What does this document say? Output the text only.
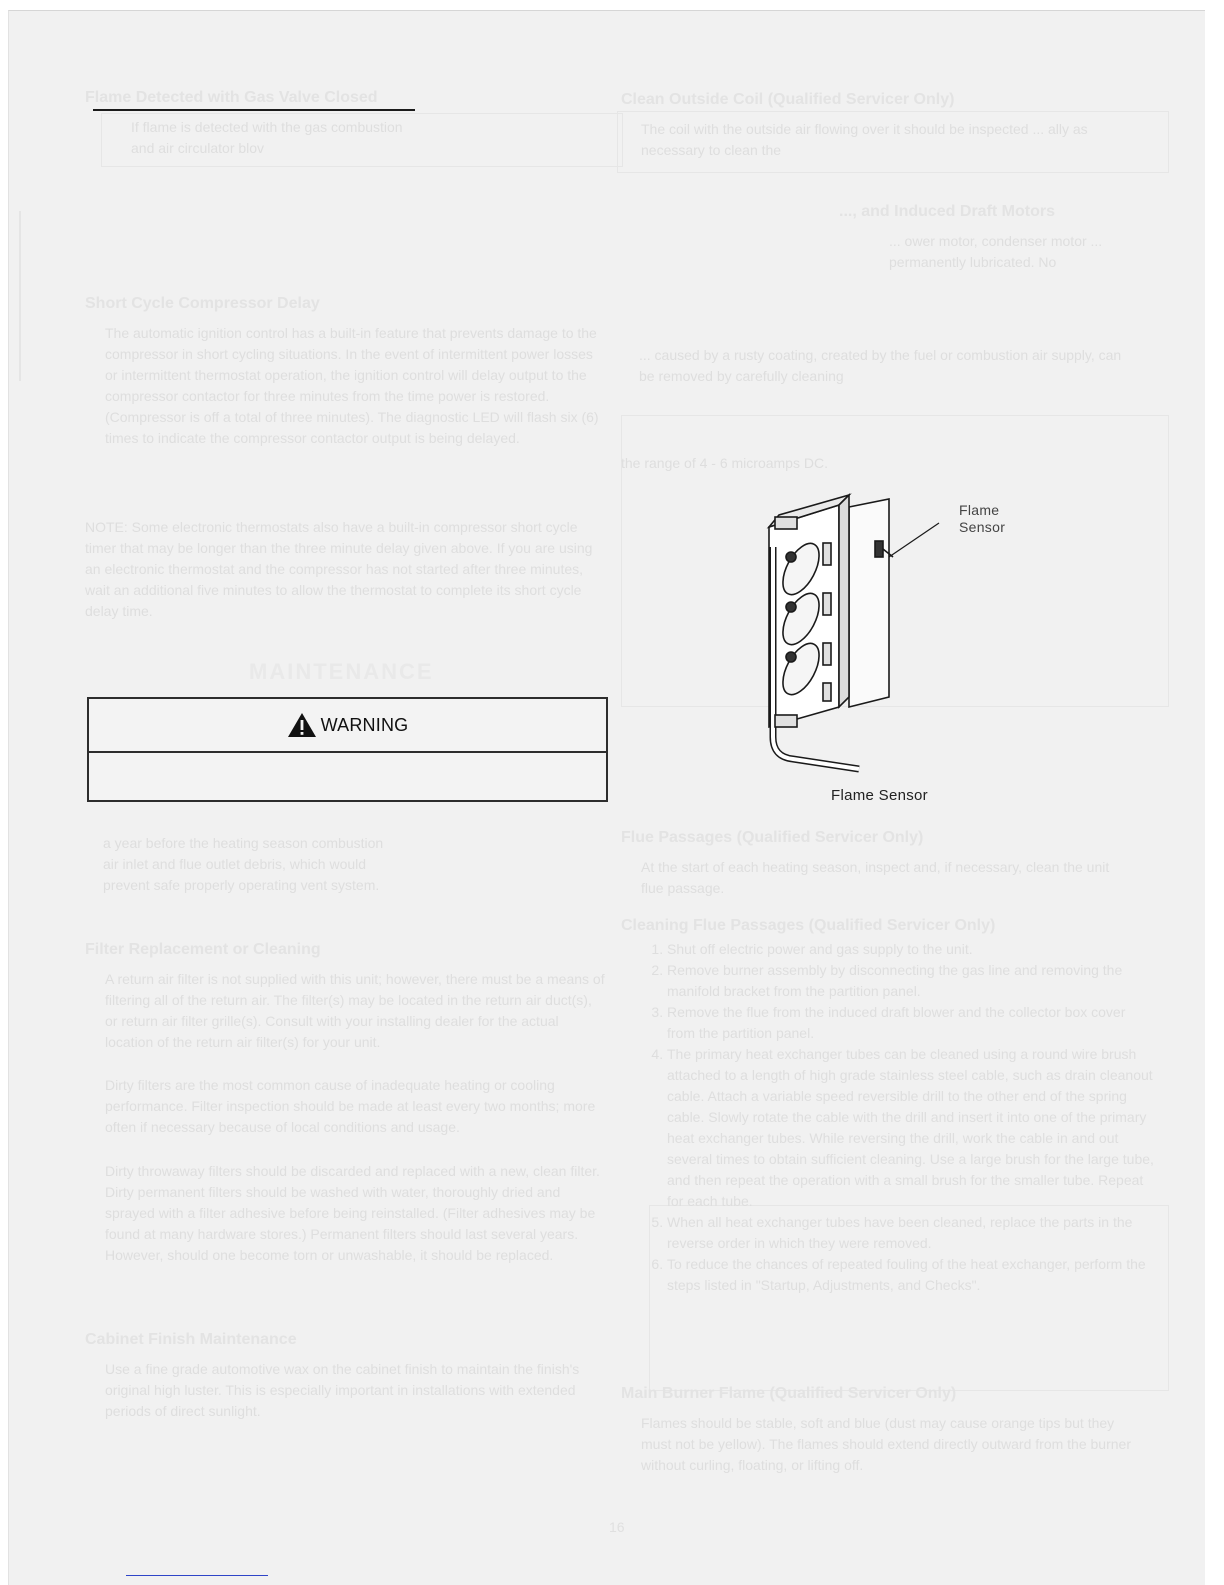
Flame Detected with Gas Valve Closed
If flame is detected with the gas combustion and air circulator blov
Short Cycle Compressor Delay
The automatic ignition control has a built-in feature that prevents damage to the compressor in short cycling situations. In the event of intermittent power losses or intermittent thermostat operation, the ignition control will delay output to the compressor contactor for three minutes from the time power is restored. (Compressor is off a total of three minutes). The diagnostic LED will flash six (6) times to indicate the compressor contactor output is being delayed.
NOTE: Some electronic thermostats also have a built-in compressor short cycle timer that may be longer than the three minute delay given above. If you are using an electronic thermostat and the compressor has not started after three minutes, wait an additional five minutes to allow the thermostat to complete its short cycle delay time.
MAINTENANCE
WARNING
a year before the heating season combustion air inlet and flue outlet debris, which would prevent safe properly operating vent system.
Filter Replacement or Cleaning
A return air filter is not supplied with this unit; however, there must be a means of filtering all of the return air. The filter(s) may be located in the return air duct(s), or return air filter grille(s). Consult with your installing dealer for the actual location of the return air filter(s) for your unit.
Dirty filters are the most common cause of inadequate heating or cooling performance. Filter inspection should be made at least every two months; more often if necessary because of local conditions and usage.
Dirty throwaway filters should be discarded and replaced with a new, clean filter. Dirty permanent filters should be washed with water, thoroughly dried and sprayed with a filter adhesive before being reinstalled. (Filter adhesives may be found at many hardware stores.) Permanent filters should last several years. However, should one become torn or unwashable, it should be replaced.
Cabinet Finish Maintenance
Use a fine grade automotive wax on the cabinet finish to maintain the finish's original high luster. This is especially important in installations with extended periods of direct sunlight.
Clean Outside Coil (Qualified Servicer Only)
The coil with the outside air flowing over it should be inspected ... ally as necessary to clean the
..., and Induced Draft Motors
... ower motor, condenser motor ... permanently lubricated. No
... caused by a rusty coating, created by the fuel or combustion air supply, can be removed by carefully cleaning
the range of 4 - 6 microamps DC.
Flame Sensor
Flame Sensor
Flue Passages (Qualified Servicer Only)
At the start of each heating season, inspect and, if necessary, clean the unit flue passage.
Cleaning Flue Passages (Qualified Servicer Only)
1. Shut off electric power and gas supply to the unit.
2. Remove burner assembly by disconnecting the gas line and removing the manifold bracket from the partition panel.
3. Remove the flue from the induced draft blower and the collector box cover from the partition panel.
4. The primary heat exchanger tubes can be cleaned using a round wire brush attached to a length of high grade stainless steel cable, such as drain cleanout cable. Attach a variable speed reversible drill to the other end of the spring cable. Slowly rotate the cable with the drill and insert it into one of the primary heat exchanger tubes. While reversing the drill, work the cable in and out several times to obtain sufficient cleaning. Use a large brush for the large tube, and then repeat the operation with a small brush for the smaller tube. Repeat for each tube.
5. When all heat exchanger tubes have been cleaned, replace the parts in the reverse order in which they were removed.
6. To reduce the chances of repeated fouling of the heat exchanger, perform the steps listed in "Startup, Adjustments, and Checks".
Main Burner Flame (Qualified Servicer Only)
Flames should be stable, soft and blue (dust may cause orange tips but they must not be yellow). The flames should extend directly outward from the burner without curling, floating, or lifting off.
16
